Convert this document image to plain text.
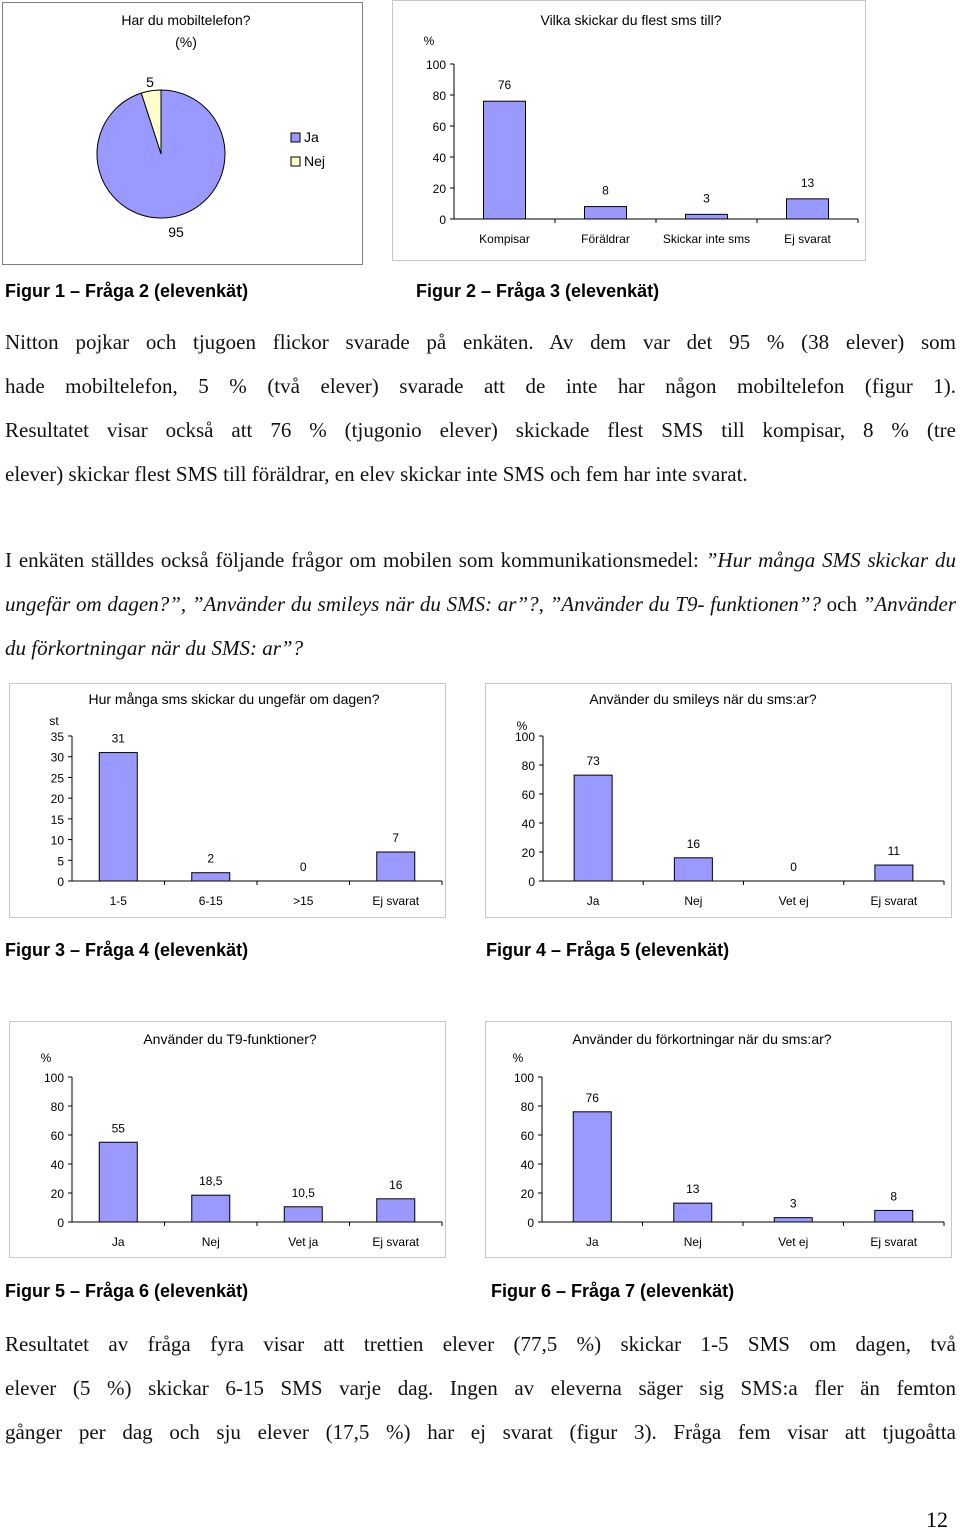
Har du mobiltelefon?
(%)
5
95
Ja
Nej
Vilka skickar du flest sms till?
%
0
20
40
60
80
100
76
Kompisar
8
Föräldrar
3
Skickar inte sms
13
Ej svarat
Figur 1 – Fråga 2 (elevenkät)	Figur 2 – Fråga 3 (elevenkät)

Nitton pojkar och tjugoen flickor svarade på enkäten. Av dem var det 95 % (38 elever) som

hade mobiltelefon, 5 % (två elever) svarade att de inte har någon mobiltelefon (figur 1).

Resultatet visar också att 76 % (tjugonio elever) skickade flest SMS till kompisar, 8 % (tre

elever) skickar flest SMS till föräldrar, en elev skickar inte SMS och fem har inte svarat.

I enkäten ställdes också följande frågor om mobilen som kommunikationsmedel: ”Hur många SMS skickar du ungefär om dagen?”, ”Använder du smileys när du SMS: ar”?, ”Använder du T9- funktionen”? och ”Använder du förkortningar när du SMS: ar”?
Hur många sms skickar du ungefär om dagen?
st
0
5
10
15
20
25
30
35	31
1-5
2
6-15
0
>15
7
Ej svarat
Använder du smileys när du sms:ar?
%
0
20
40
60
80
100
73
Ja
16
Nej
0
Vet ej
11
Ej svarat
Figur 3 – Fråga 4 (elevenkät)	Figur 4 – Fråga 5 (elevenkät)
Använder du T9-funktioner?
%
0
20
40
60
80
100
55
Ja
18,5
Nej
10,5
Vet ja
16
Ej svarat
Använder du förkortningar när du sms:ar?
%
0
20
40
60
80
100
76
Ja
13
Nej
3
Vet ej
8
Ej svarat
Figur 5 – Fråga 6 (elevenkät)	Figur 6 – Fråga 7 (elevenkät)

Resultatet av fråga fyra visar att trettien elever (77,5 %) skickar 1-5 SMS om dagen, två

elever (5 %) skickar 6-15 SMS varje dag. Ingen av eleverna säger sig SMS:a fler än femton

gånger per dag och sju elever (17,5 %) har ej svarat (figur 3). Fråga fem visar att tjugoåtta

12
